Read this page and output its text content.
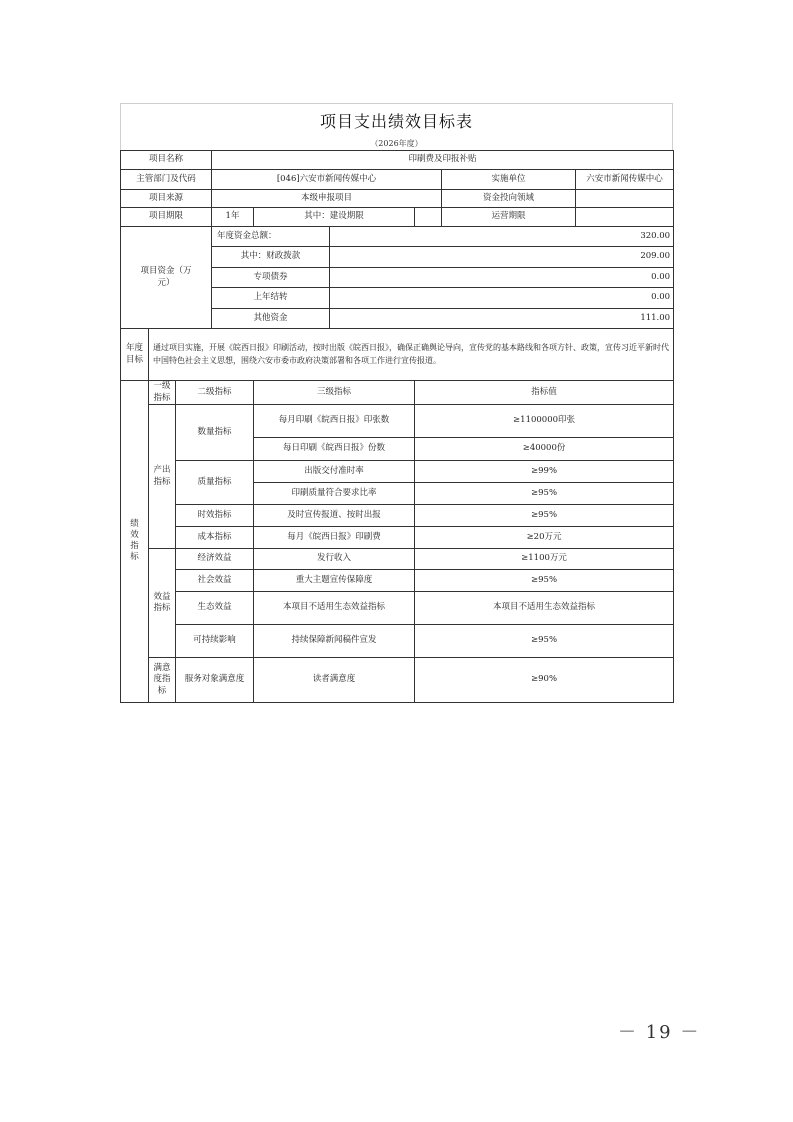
项目支出绩效目标表
（2026年度）
项目名称			印刷费及印报补贴					
主管部门及代码			[046]六安市新闻传媒中心				实施单位	六安市新闻传媒中心
项目来源			本级申报项目				资金投向领域	
项目期限			1年	其中：建设期限			运营期限	
项目资金（万元）			年度资金总额：		320.00			
			其中：财政拨款		209.00			
			专项债券		0.00			
			上年结转		0.00			
			其他资金		111.00			
年度目标	通过项目实施，开展《皖西日报》印刷活动，按时出版《皖西日报》，确保正确舆论导向，宣传党的基本路线和各项方针、政策，宣传习近平新时代中国特色社会主义思想，围绕六安市委市政府决策部署和各项工作进行宣传报道。							
绩效指标	一级指标	二级指标		三级指标		指标值		
	产出指标	数量指标		每月印刷《皖西日报》印张数		≥1100000印张		
				每日印刷《皖西日报》份数		≥40000份		
		质量指标		出版交付准时率		≥99%		
				印刷质量符合要求比率		≥95%		
		时效指标		及时宣传报道、按时出报		≥95%		
		成本指标		每月《皖西日报》印刷费		≥20万元		
	效益指标	经济效益		发行收入		≥1100万元		
		社会效益		重大主题宣传保障度		≥95%		
		生态效益		本项目不适用生态效益指标		本项目不适用生态效益指标		
		可持续影响		持续保障新闻稿件宣发		≥95%		
	满意度指标	服务对象满意度		读者满意度		≥90%		
－ 19 －
